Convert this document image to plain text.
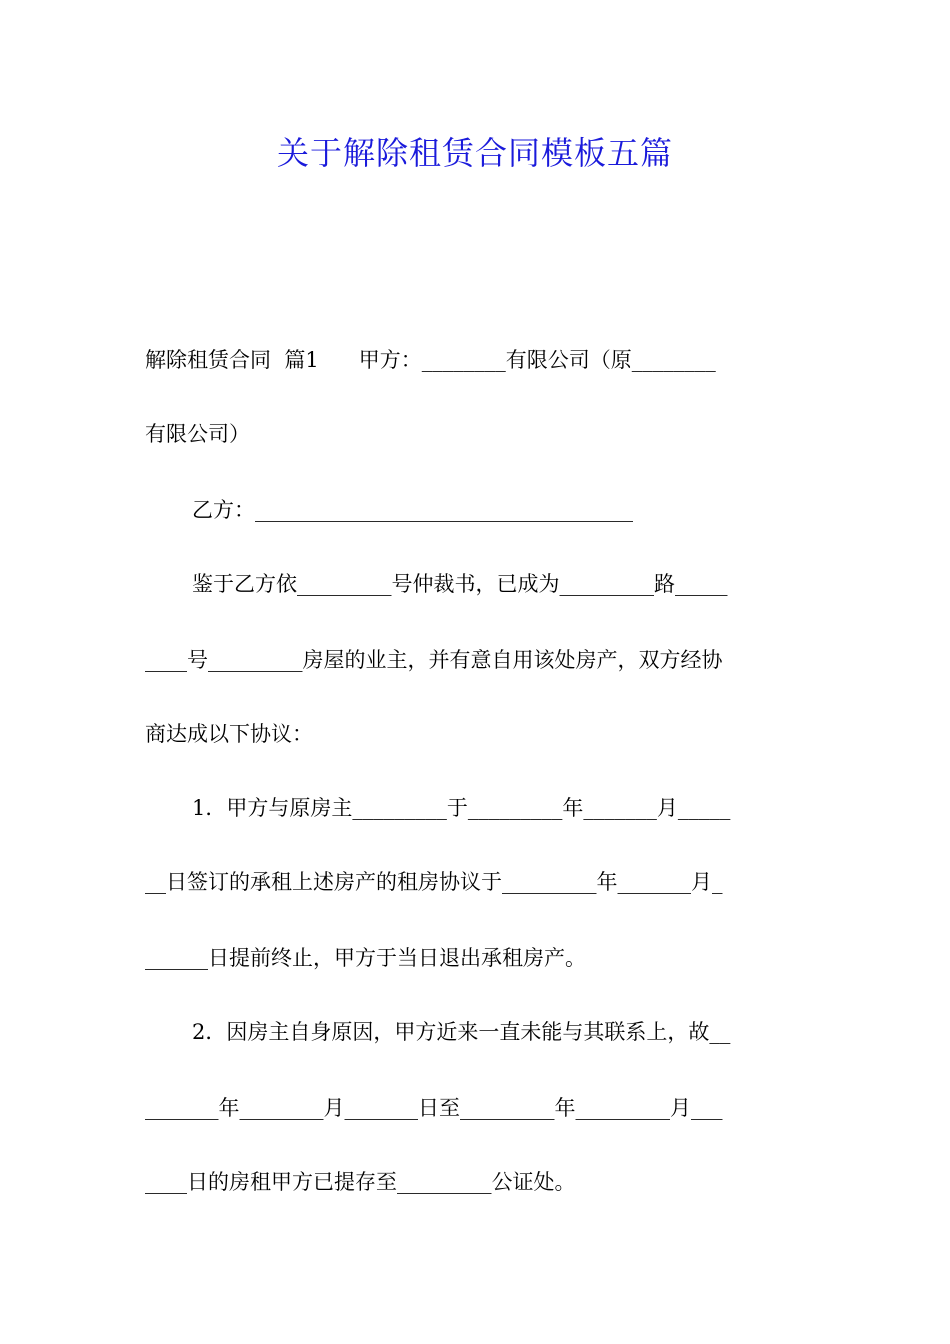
关于解除租赁合同模板五篇
解除租赁合同  篇1      甲方：________有限公司（原________
有限公司）
乙方：____________________________________
鉴于乙方依_________号仲裁书，已成为_________路_____
____号_________房屋的业主，并有意自用该处房产，双方经协
商达成以下协议：
1．甲方与原房主_________于_________年_______月_____
__日签订的承租上述房产的租房协议于_________年_______月_
______日提前终止，甲方于当日退出承租房产。
2．因房主自身原因，甲方近来一直未能与其联系上，故__
_______年________月_______日至_________年_________月___
____日的房租甲方已提存至_________公证处。
